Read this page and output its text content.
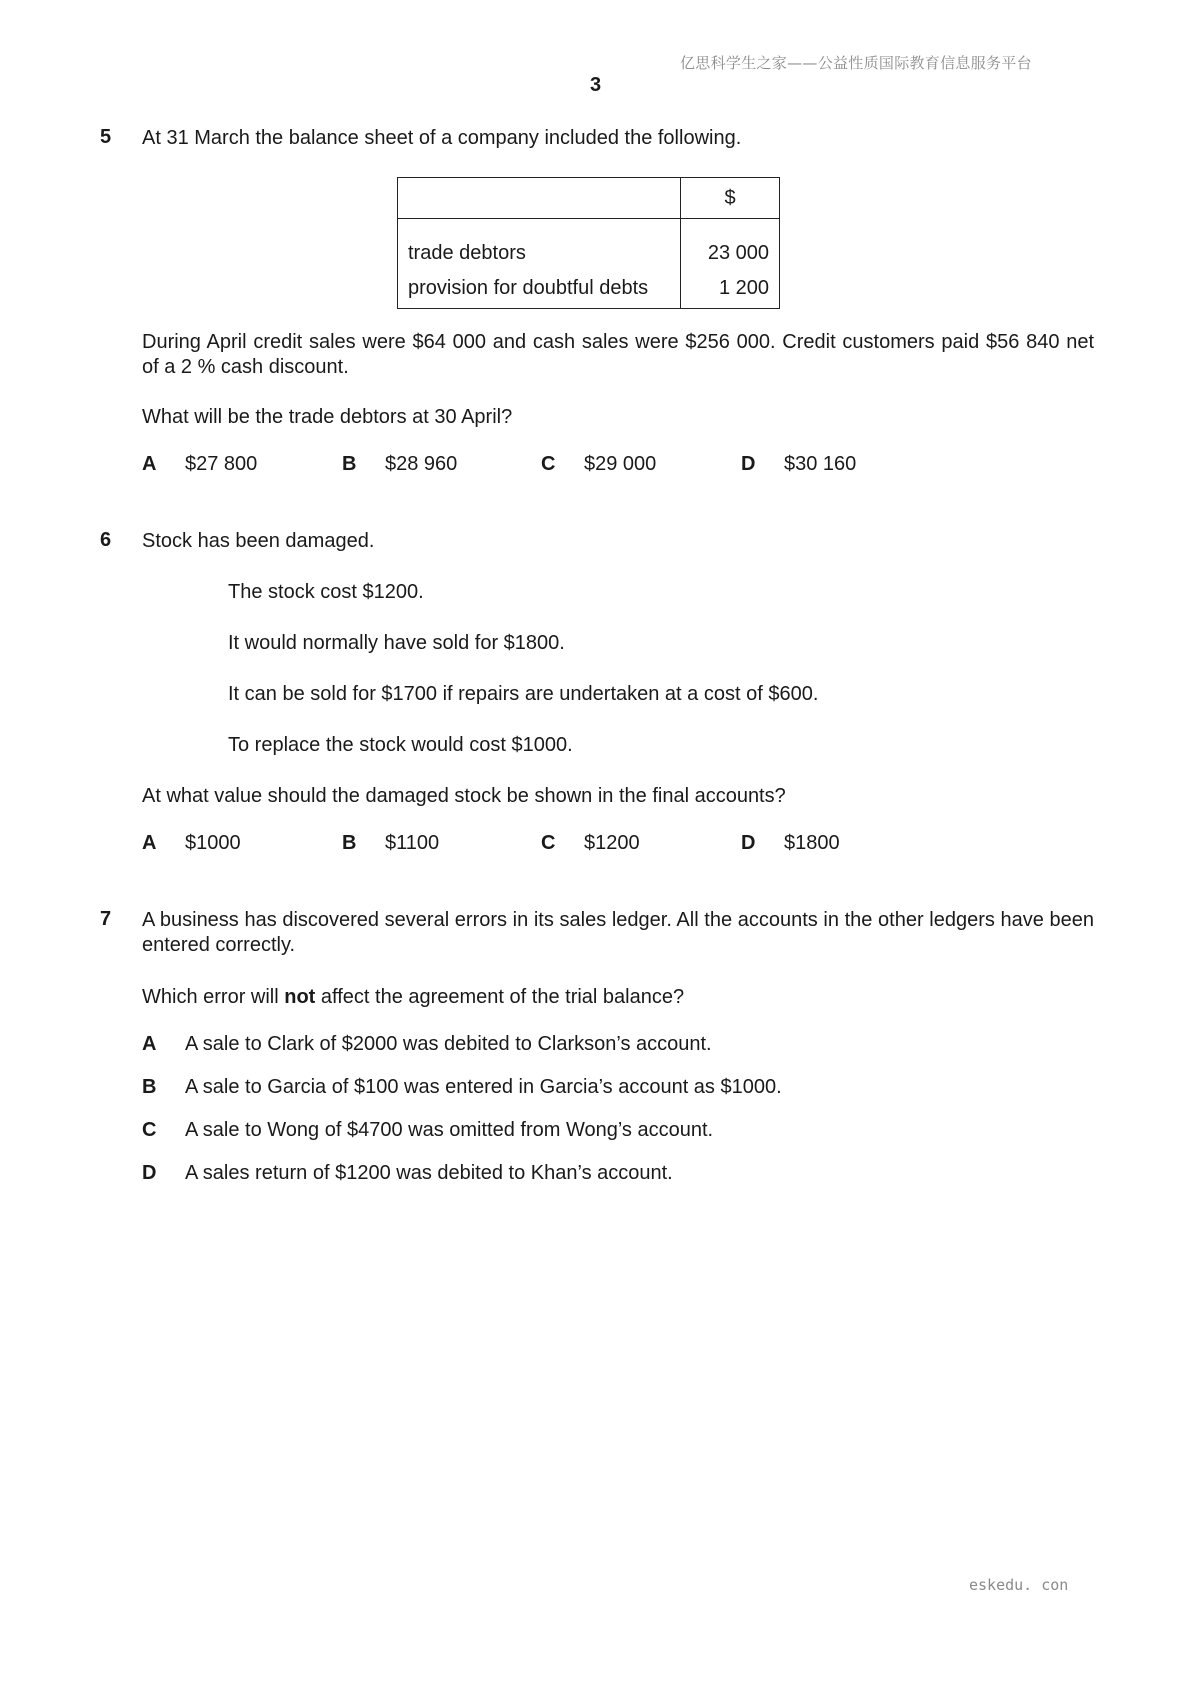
亿思科学生之家——公益性质国际教育信息服务平台
3
5 At 31 March the balance sheet of a company included the following.
	$
trade debtors	23 000
provision for doubtful debts	1 200
During April credit sales were $64 000 and cash sales were $256 000. Credit customers paid $56 840 net of a 2 % cash discount.
What will be the trade debtors at 30 April?
A $27 800	B $28 960	C $29 000	D $30 160
6 Stock has been damaged.
The stock cost $1200.
It would normally have sold for $1800.
It can be sold for $1700 if repairs are undertaken at a cost of $600.
To replace the stock would cost $1000.
At what value should the damaged stock be shown in the final accounts?
A $1000	B $1100	C $1200	D $1800
7 A business has discovered several errors in its sales ledger. All the accounts in the other ledgers have been entered correctly.
Which error will not affect the agreement of the trial balance?
A A sale to Clark of $2000 was debited to Clarkson’s account.
B A sale to Garcia of $100 was entered in Garcia’s account as $1000.
C A sale to Wong of $4700 was omitted from Wong’s account.
D A sales return of $1200 was debited to Khan’s account.
eskedu. con
